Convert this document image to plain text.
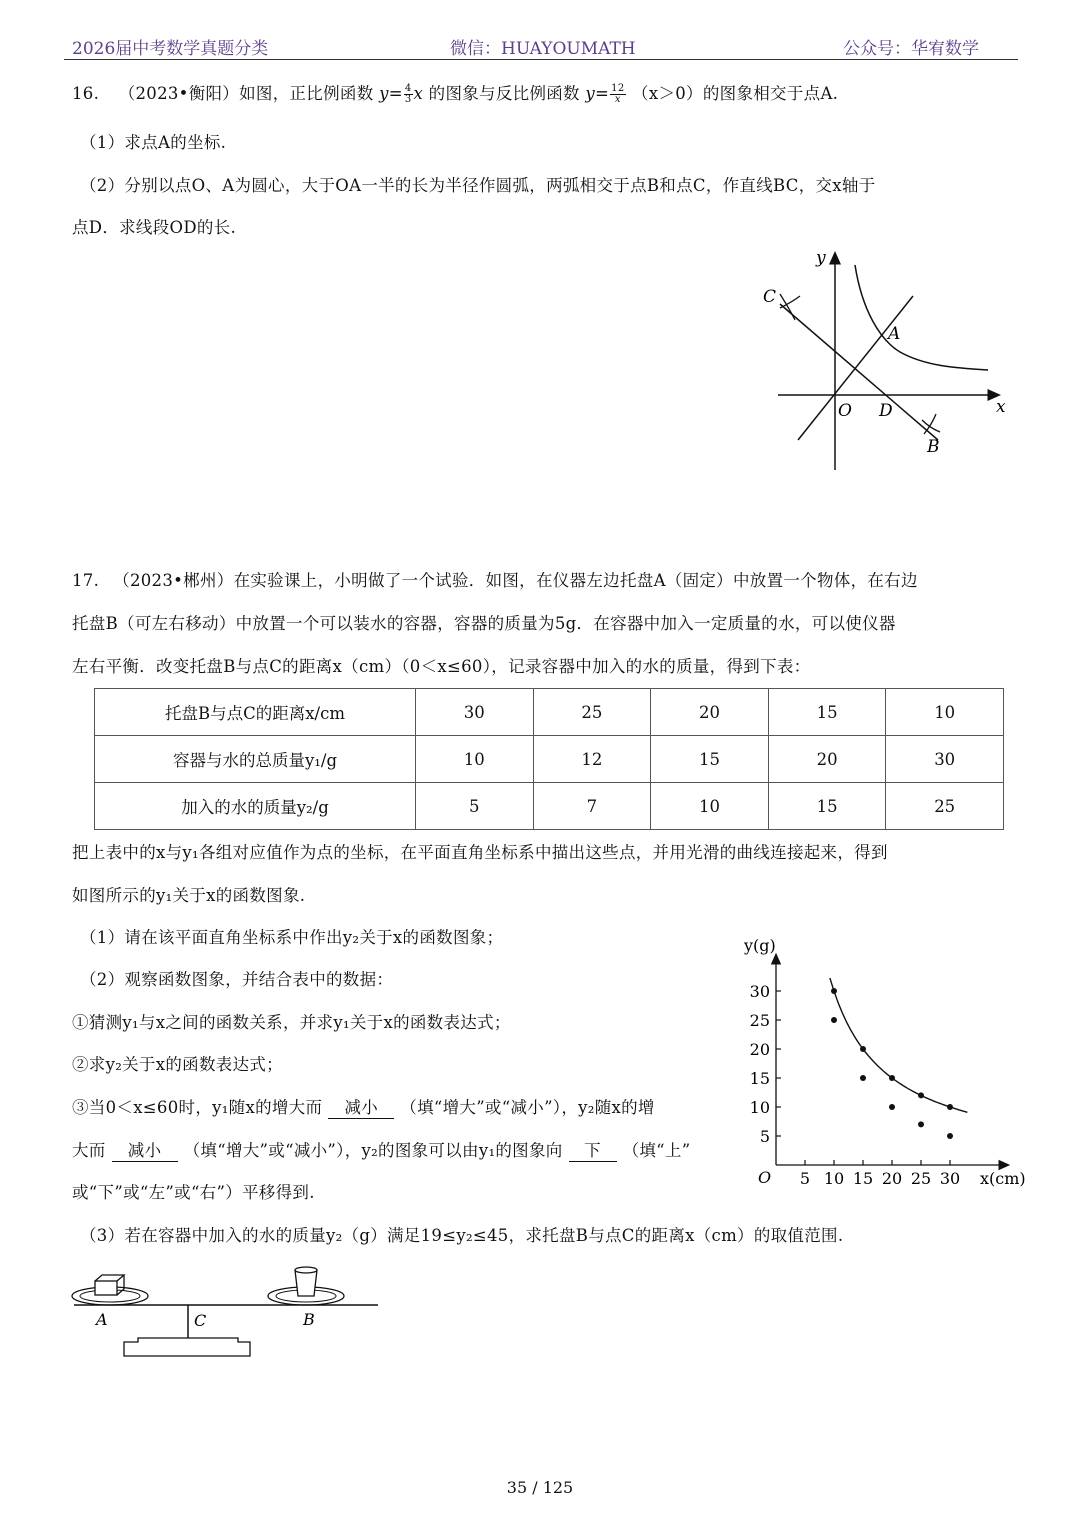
2026届中考数学真题分类	微信：HUAYOUMATH	公众号：华宥数学
16. （2023•衡阳）如图，正比例函数 $y= \frac{4}{3}$ x 的图象与反比例函数 $y= \frac{12}{x} (x>0)$的图象相交于点A.
（1）求点A的坐标.
（2）分别以点O、A为圆心，大于OA一半的长为半径作圆弧，两弧相交于点B和点C，作直线BC，交x轴于
点D．求线段OD的长.
y
x
O
A
C
D
B
17. （2023•郴州）在实验课上，小明做了一个试验．如图，在仪器左边托盘A（固定）中放置一个物体，在右边
托盘B（可左右移动）中放置一个可以装水的容器，容器的质量为5g．在容器中加入一定质量的水，可以使仪器
左右平衡．改变托盘B与点C的距离x（cm）（0＜x≤60），记录容器中加入的水的质量，得到下表：
托盘B与点C的距离x/cm	30	25	20	15	10
容器与水的总质量y₁/g	10	12	15	20	30
加入的水的质量y₂/g	5	7	10	15	25
把上表中的x与y₁各组对应值作为点的坐标，在平面直角坐标系中描出这些点，并用光滑的曲线连接起来，得到
如图所示的y₁关于x的函数图象.
（1）请在该平面直角坐标系中作出y₂关于x的函数图象；
（2）观察函数图象，并结合表中的数据：
①猜测y₁与x之间的函数关系，并求y₁关于x的函数表达式；
②求y₂关于x的函数表达式；
③当0＜x≤60时，y₁随x的增大而 减小 （填“增大”或“减小”），y₂随x的增
大而 减小 （填“增大”或“减小”），y₂的图象可以由y₁的图象向 下 （填“上”
或“下”或“左”或“右”）平移得到.
（3）若在容器中加入的水的质量y₂（g）满足19≤y₂≤45，求托盘B与点C的距离x（cm）的取值范围.
y(g)
x(cm)
O 5 10 15 20 25 30
5
10
15
20
25
30
A	C	B
35 / 125
